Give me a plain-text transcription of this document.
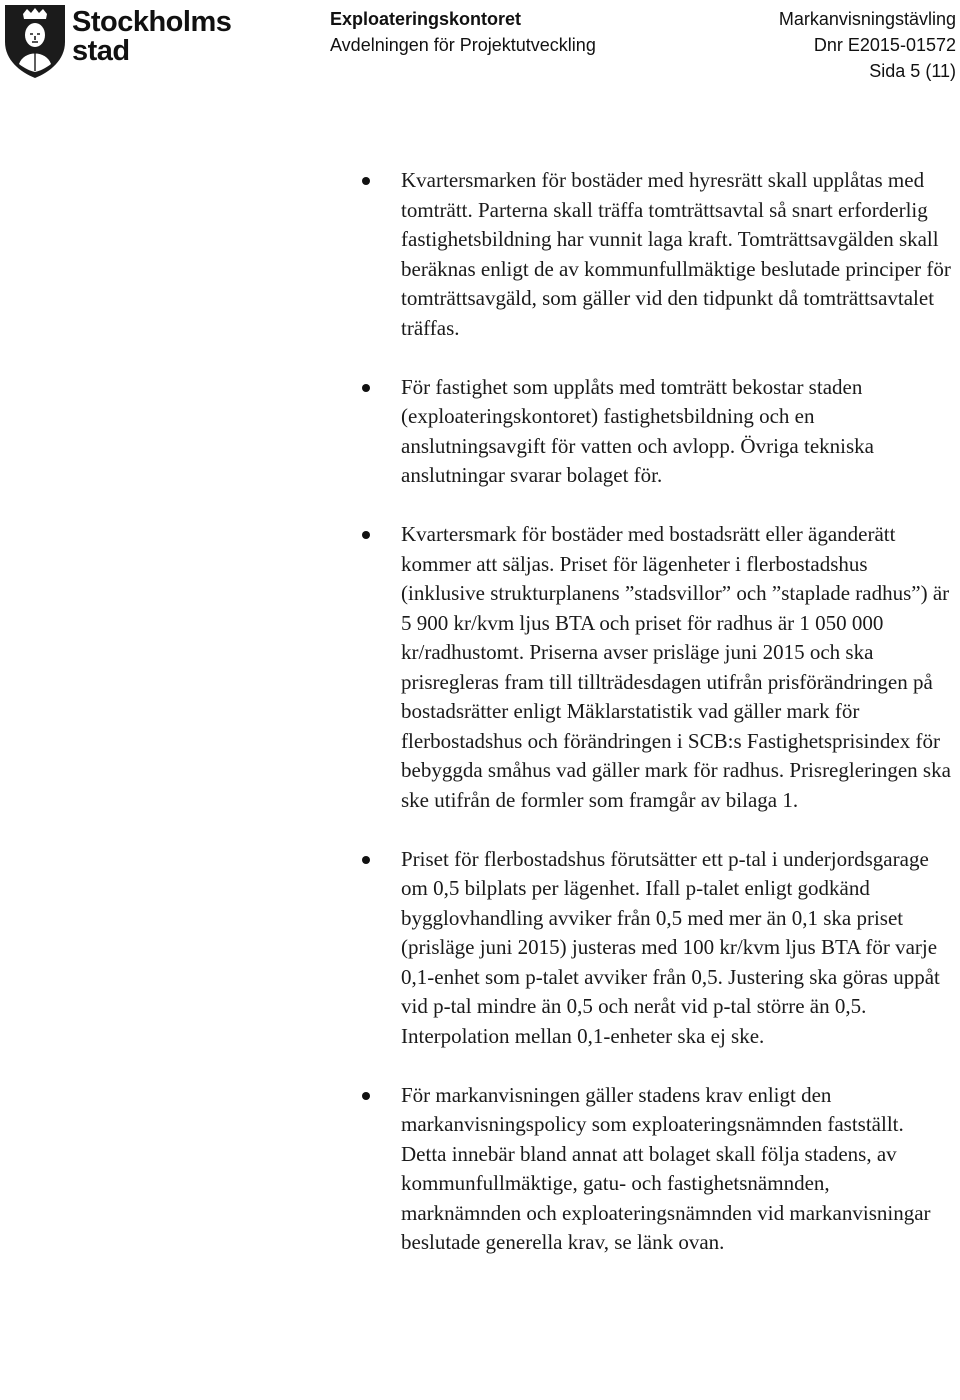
Stockholms
stad
Exploateringskontoret
Avdelningen för Projektutveckling
Markanvisningstävling
Dnr E2015-01572
Sida 5 (11)
Kvartersmarken för bostäder med hyresrätt skall upplåtas med tomträtt. Parterna skall träffa tomträttsavtal så snart erforderlig fastighetsbildning har vunnit laga kraft. Tomträttsavgälden skall beräknas enligt de av kommunfullmäktige beslutade principer för tomträttsavgäld, som gäller vid den tidpunkt då tomträttsavtalet träffas.
För fastighet som upplåts med tomträtt bekostar staden (exploateringskontoret) fastighetsbildning och en anslutningsavgift för vatten och avlopp. Övriga tekniska anslutningar svarar bolaget för.
Kvartersmark för bostäder med bostadsrätt eller äganderätt kommer att säljas. Priset för lägenheter i flerbostadshus (inklusive strukturplanens ”stadsvillor” och ”staplade radhus”) är 5 900 kr/kvm ljus BTA och priset för radhus är 1 050 000 kr/radhustomt. Priserna avser prisläge juni 2015 och ska prisregleras fram till tillträdesdagen utifrån prisförändringen på bostadsrätter enligt Mäklarstatistik vad gäller mark för flerbostadshus och förändringen i SCB:s Fastighetsprisindex för bebyggda småhus vad gäller mark för radhus. Prisregleringen ska ske utifrån de formler som framgår av bilaga 1.
Priset för flerbostadshus förutsätter ett p-tal i underjordsgarage om 0,5 bilplats per lägenhet. Ifall p-talet enligt godkänd bygglovhandling avviker från 0,5 med mer än 0,1 ska priset (prisläge juni 2015) justeras med 100 kr/kvm ljus BTA för varje 0,1-enhet som p-talet avviker från 0,5. Justering ska göras uppåt vid p-tal mindre än 0,5 och neråt vid p-tal större än 0,5. Interpolation mellan 0,1-enheter ska ej ske.
För markanvisningen gäller stadens krav enligt den markanvisningspolicy som exploateringsnämnden fastställt. Detta innebär bland annat att bolaget skall följa stadens, av kommunfullmäktige, gatu- och fastighetsnämnden, marknämnden och exploateringsnämnden vid markanvisningar beslutade generella krav, se länk ovan.
